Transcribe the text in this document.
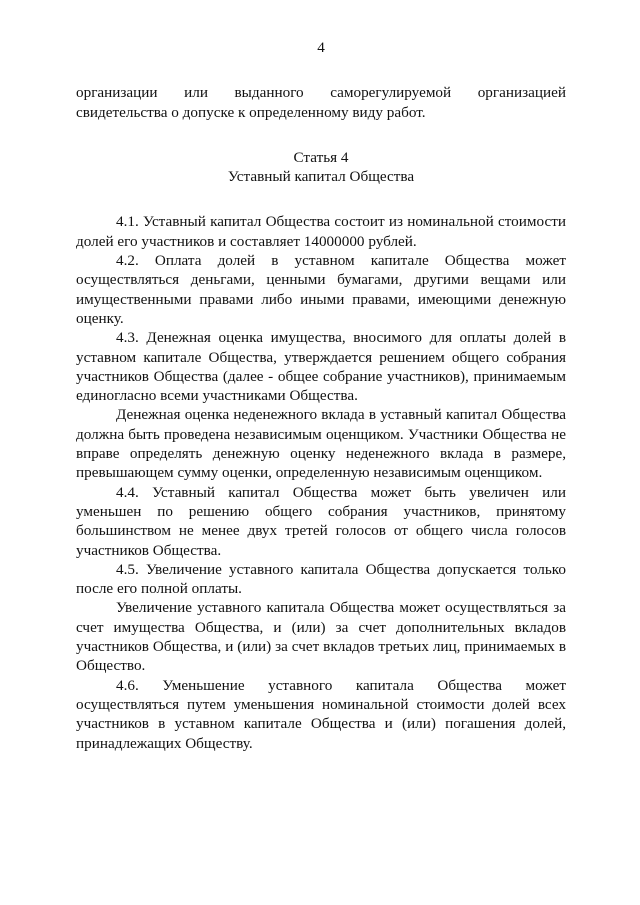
4

организации или выданного саморегулируемой организацией свидетельства о допуске к определенному виду работ.

Статья 4
Уставный капитал Общества

4.1. Уставный капитал Общества состоит из номинальной стоимости долей его участников и составляет 14000000 рублей.

4.2. Оплата долей в уставном капитале Общества может осуществляться деньгами, ценными бумагами, другими вещами или имущественными правами либо иными правами, имеющими денежную оценку.

4.3. Денежная оценка имущества, вносимого для оплаты долей в уставном капитале Общества, утверждается решением общего собрания участников Общества (далее - общее собрание участников), принимаемым единогласно всеми участниками Общества.

Денежная оценка неденежного вклада в уставный капитал Общества должна быть проведена независимым оценщиком. Участники Общества не вправе определять денежную оценку неденежного вклада в размере, превышающем сумму оценки, определенную независимым оценщиком.

4.4. Уставный капитал Общества может быть увеличен или уменьшен по решению общего собрания участников, принятому большинством не менее двух третей голосов от общего числа голосов участников Общества.

4.5. Увеличение уставного капитала Общества допускается только после его полной оплаты.

Увеличение уставного капитала Общества может осуществляться за счет имущества Общества, и (или) за счет дополнительных вкладов участников Общества, и (или) за счет вкладов третьих лиц, принимаемых в Общество.

4.6. Уменьшение уставного капитала Общества может осуществляться путем уменьшения номинальной стоимости долей всех участников в уставном капитале Общества и (или) погашения долей, принадлежащих Обществу.
